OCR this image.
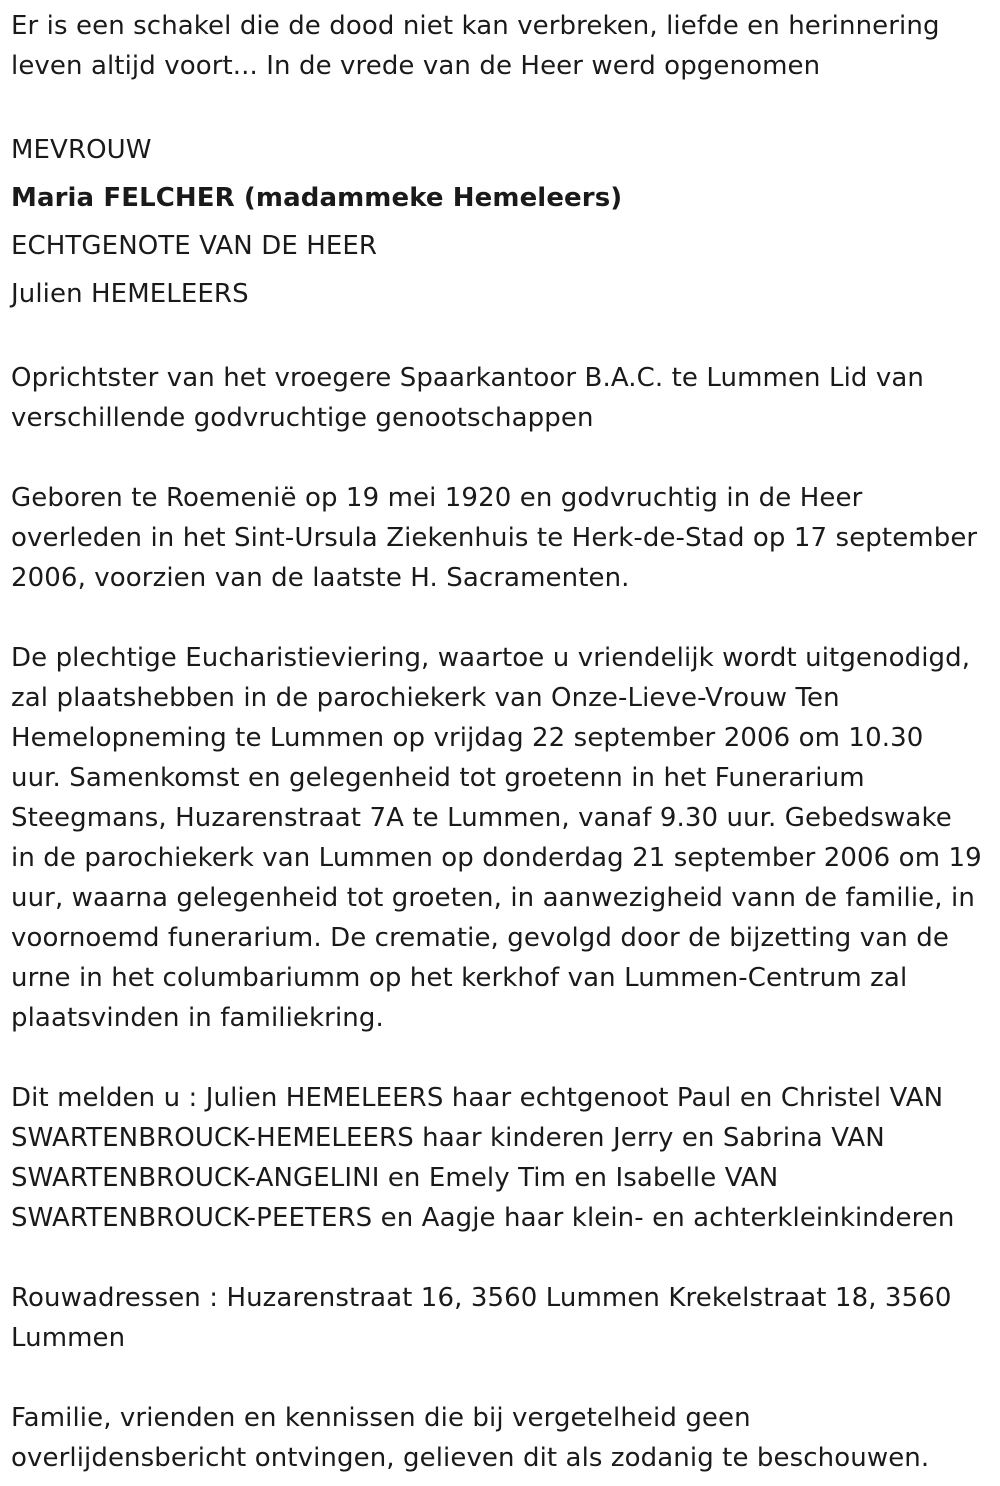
Er is een schakel die de dood niet kan verbreken, liefde en herinnering
leven altijd voort... In de vrede van de Heer werd opgenomen
MEVROUW
Maria FELCHER (madammeke Hemeleers)
ECHTGENOTE VAN DE HEER
Julien HEMELEERS
Oprichtster van het vroegere Spaarkantoor B.A.C. te Lummen Lid van
verschillende godvruchtige genootschappen
Geboren te Roemenië op 19 mei 1920 en godvruchtig in de Heer
overleden in het Sint-Ursula Ziekenhuis te Herk-de-Stad op 17 september
2006, voorzien van de laatste H. Sacramenten.
De plechtige Eucharistieviering, waartoe u vriendelijk wordt uitgenodigd,
zal plaatshebben in de parochiekerk van Onze-Lieve-Vrouw Ten
Hemelopneming te Lummen op vrijdag 22 september 2006 om 10.30
uur. Samenkomst en gelegenheid tot groetenn in het Funerarium
Steegmans, Huzarenstraat 7A te Lummen, vanaf 9.30 uur. Gebedswake
in de parochiekerk van Lummen op donderdag 21 september 2006 om 19
uur, waarna gelegenheid tot groeten, in aanwezigheid vann de familie, in
voornoemd funerarium. De crematie, gevolgd door de bijzetting van de
urne in het columbariumm op het kerkhof van Lummen-Centrum zal
plaatsvinden in familiekring.
Dit melden u : Julien HEMELEERS haar echtgenoot Paul en Christel VAN
SWARTENBROUCK-HEMELEERS haar kinderen Jerry en Sabrina VAN
SWARTENBROUCK-ANGELINI en Emely Tim en Isabelle VAN
SWARTENBROUCK-PEETERS en Aagje haar klein- en achterkleinkinderen
Rouwadressen : Huzarenstraat 16, 3560 Lummen Krekelstraat 18, 3560
Lummen
Familie, vrienden en kennissen die bij vergetelheid geen
overlijdensbericht ontvingen, gelieven dit als zodanig te beschouwen.
